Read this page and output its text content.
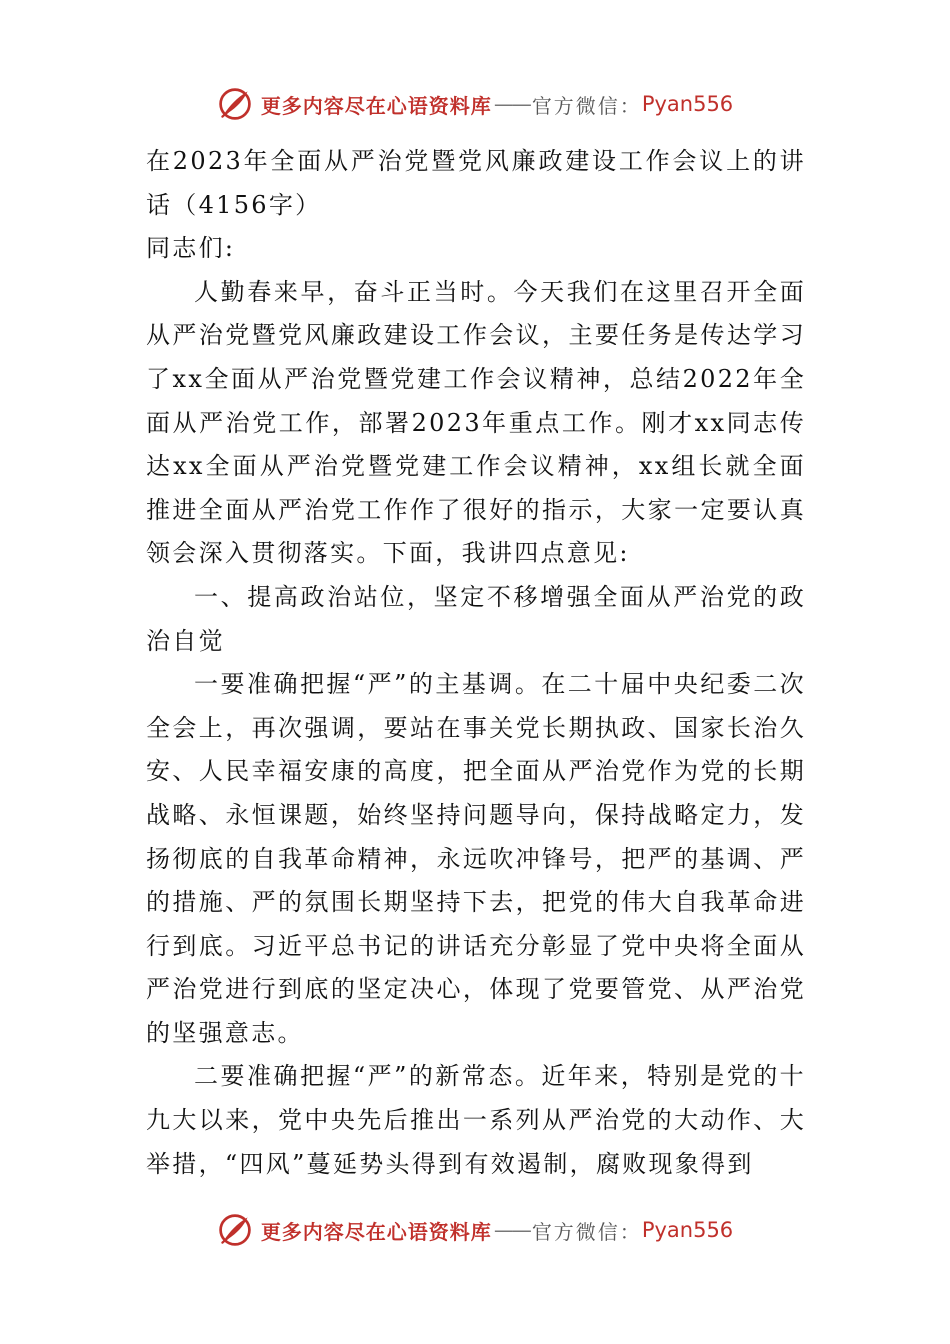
更多内容尽在心语资料库 —— 官方微信： Pyan556

在2023年全面从严治党暨党风廉政建设工作会议上的讲话（4156字）

同志们:

人勤春来早，奋斗正当时。今天我们在这里召开全面从严治党暨党风廉政建设工作会议，主要任务是传达学习了xx全面从严治党暨党建工作会议精神，总结2022年全面从严治党工作，部署2023年重点工作。刚才xx同志传达xx全面从严治党暨党建工作会议精神，xx组长就全面推进全面从严治党工作作了很好的指示，大家一定要认真领会深入贯彻落实。下面，我讲四点意见:

一、提高政治站位，坚定不移增强全面从严治党的政治自觉

一要准确把握“严”的主基调。在二十届中央纪委二次全会上，再次强调，要站在事关党长期执政、国家长治久安、人民幸福安康的高度，把全面从严治党作为党的长期战略、永恒课题，始终坚持问题导向，保持战略定力，发扬彻底的自我革命精神，永远吹冲锋号，把严的基调、严的措施、严的氛围长期坚持下去，把党的伟大自我革命进行到底。习近平总书记的讲话充分彰显了党中央将全面从严治党进行到底的坚定决心，体现了党要管党、从严治党的坚强意志。

二要准确把握“严”的新常态。近年来，特别是党的十九大以来，党中央先后推出一系列从严治党的大动作、大举措，“四风”蔓延势头得到有效遏制，腐败现象得到

更多内容尽在心语资料库 —— 官方微信： Pyan556
